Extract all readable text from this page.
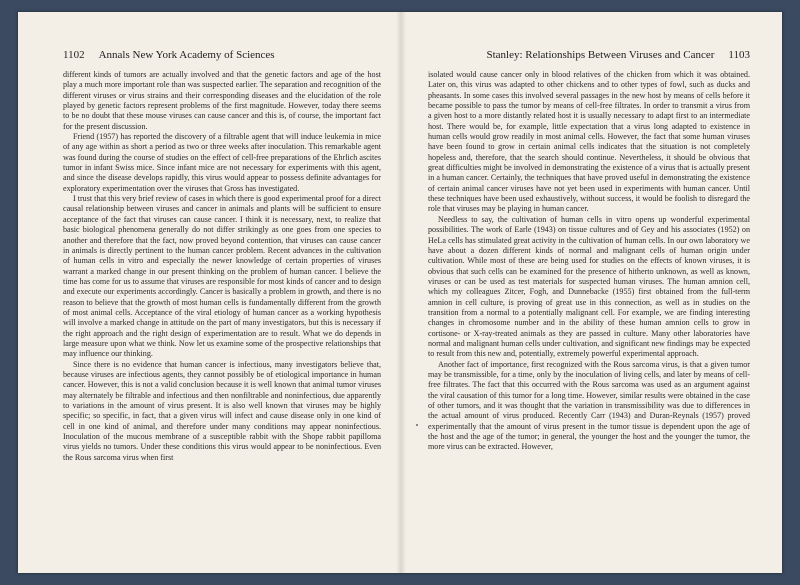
1102 Annals New York Academy of Sciences

different kinds of tumors are actually involved and that the genetic factors and age of the host play a much more important role than was suspected earlier. The separation and recognition of the different viruses or virus strains and their corresponding diseases and the elucidation of the role played by genetic factors represent problems of the first magnitude. However, today there seems to be no doubt that these mouse viruses can cause cancer and this is, of course, the important fact for the present discussion.

Friend (1957) has reported the discovery of a filtrable agent that will induce leukemia in mice of any age within as short a period as two or three weeks after inoculation. This remarkable agent was found during the course of studies on the effect of cell-free preparations of the Ehrlich ascites tumor in infant Swiss mice. Since infant mice are not necessary for experiments with this agent, and since the disease develops rapidly, this virus would appear to possess definite advantages for exploratory experimentation over the viruses that Gross has investigated.

I trust that this very brief review of cases in which there is good experimental proof for a direct causal relationship between viruses and cancer in animals and plants will be sufficient to ensure acceptance of the fact that viruses can cause cancer. I think it is necessary, next, to realize that basic biological phenomena generally do not differ strikingly as one goes from one species to another and therefore that the fact, now proved beyond contention, that viruses can cause cancer in animals is directly pertinent to the human cancer problem. Recent advances in the cultivation of human cells in vitro and especially the newer knowledge of certain properties of viruses warrant a marked change in our present thinking on the problem of human cancer. I believe the time has come for us to assume that viruses are responsible for most kinds of cancer and to design and execute our experiments accordingly. Cancer is basically a problem in growth, and there is no reason to believe that the growth of most human cells is fundamentally different from the growth of most animal cells. Acceptance of the viral etiology of human cancer as a working hypothesis will involve a marked change in attitude on the part of many investigators, but this is necessary if the right approach and the right design of experimentation are to result. What we do depends in large measure upon what we think. Now let us examine some of the prospective relationships that may influence our thinking.

Since there is no evidence that human cancer is infectious, many investigators believe that, because viruses are infectious agents, they cannot possibly be of etiological importance in human cancer. However, this is not a valid conclusion because it is well known that animal tumor viruses may alternately be filtrable and infectious and then nonfiltrable and noninfectious, due apparently to variations in the amount of virus present. It is also well known that viruses may be highly specific; so specific, in fact, that a given virus will infect and cause disease only in one kind of cell in one kind of animal, and therefore under many conditions may appear noninfectious. Inoculation of the mucous membrane of a susceptible rabbit with the Shope rabbit papilloma virus yields no tumors. Under these conditions this virus would appear to be noninfectious. Even the Rous sarcoma virus when first

Stanley: Relationships Between Viruses and Cancer 1103

isolated would cause cancer only in blood relatives of the chicken from which it was obtained. Later on, this virus was adapted to other chickens and to other types of fowl, such as ducks and pheasants. In some cases this involved several passages in the new host by means of cells before it became possible to pass the tumor by means of cell-free filtrates. In order to transmit a virus from a given host to a more distantly related host it is usually necessary to adapt first to an intermediate host. There would be, for example, little expectation that a virus long adapted to existence in human cells would grow readily in most animal cells. However, the fact that some human viruses have been found to grow in certain animal cells indicates that the situation is not completely hopeless and, therefore, that the search should continue. Nevertheless, it should be obvious that great difficulties might be involved in demonstrating the existence of a virus that is actually present in a human cancer. Certainly, the techniques that have proved useful in demonstrating the existence of certain animal cancer viruses have not yet been used in experiments with human cancer. Until these techniques have been used exhaustively, without success, it would be foolish to disregard the role that viruses may be playing in human cancer.

Needless to say, the cultivation of human cells in vitro opens up wonderful experimental possibilities. The work of Earle (1943) on tissue cultures and of Gey and his associates (1952) on HeLa cells has stimulated great activity in the cultivation of human cells. In our own laboratory we have about a dozen different kinds of normal and malignant cells of human origin under cultivation. While most of these are being used for studies on the effects of known viruses, it is obvious that such cells can be examined for the presence of hitherto unknown, as well as known, viruses or can be used as test materials for suspected human viruses. The human amnion cell, which my colleagues Zitcer, Fogh, and Dunnebacke (1955) first obtained from the full-term amnion in cell culture, is proving of great use in this connection, as well as in studies on the transition from a normal to a potentially malignant cell. For example, we are finding interesting changes in chromosome number and in the ability of these human amnion cells to grow in cortisone- or X-ray-treated animals as they are passed in culture. Many other laboratories have normal and malignant human cells under cultivation, and significant new findings may be expected to result from this new and, potentially, extremely powerful experimental approach.

Another fact of importance, first recognized with the Rous sarcoma virus, is that a given tumor may be transmissible, for a time, only by the inoculation of living cells, and later by means of cell-free filtrates. The fact that this occurred with the Rous sarcoma was used as an argument against the viral causation of this tumor for a long time. However, similar results were obtained in the case of other tumors, and it was thought that the variation in transmissibility was due to differences in the actual amount of virus produced. Recently Carr (1943) and Duran-Reynals (1957) proved experimentally that the amount of virus present in the tumor tissue is dependent upon the age of the host and the age of the tumor; in general, the younger the host and the younger the tumor, the more virus can be extracted. However,
